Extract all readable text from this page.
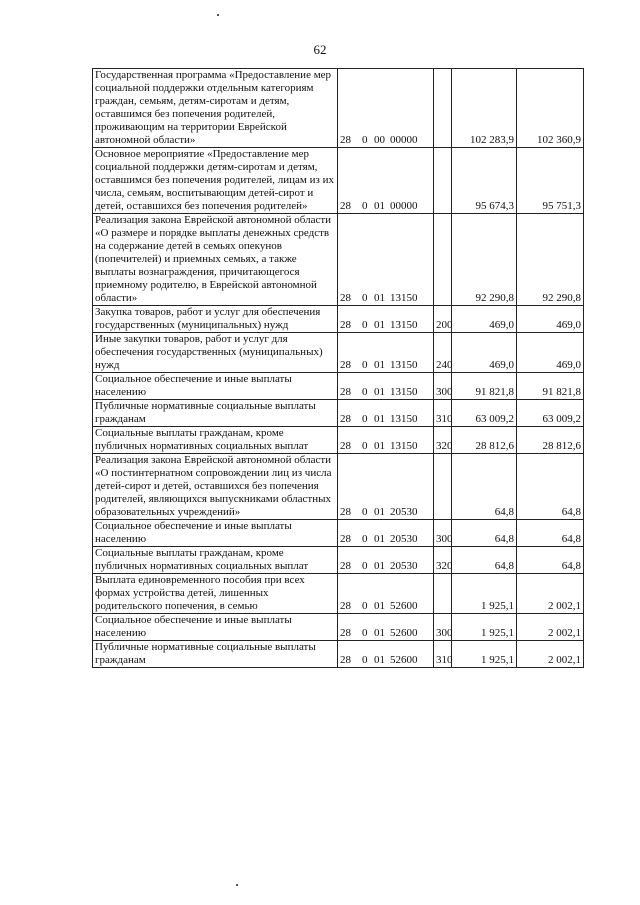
62
Государственная программа «Предоставление мер социальной поддержки отдельным категориям граждан, семьям, детям-сиротам и детям, оставшимся без попечения родителей, проживающим на территории Еврейской автономной области»	28 0 00 00000		102 283,9	102 360,9
Основное мероприятие «Предоставление мер социальной поддержки детям-сиротам и детям, оставшимся без попечения родителей, лицам из их числа, семьям, воспитывающим детей-сирот и детей, оставшихся без попечения родителей»	28 0 01 00000		95 674,3	95 751,3
Реализация закона Еврейской автономной области «О размере и порядке выплаты денежных средств на содержание детей в семьях опекунов (попечителей) и приемных семьях, а также выплаты вознаграждения, причитающегося приемному родителю, в Еврейской автономной области»	28 0 01 13150		92 290,8	92 290,8
Закупка товаров, работ и услуг для обеспечения государственных (муниципальных) нужд	28 0 01 13150	200	469,0	469,0
Иные закупки товаров, работ и услуг для обеспечения государственных (муниципальных) нужд	28 0 01 13150	240	469,0	469,0
Социальное обеспечение и иные выплаты населению	28 0 01 13150	300	91 821,8	91 821,8
Публичные нормативные социальные выплаты гражданам	28 0 01 13150	310	63 009,2	63 009,2
Социальные выплаты гражданам, кроме публичных нормативных социальных выплат	28 0 01 13150	320	28 812,6	28 812,6
Реализация закона Еврейской автономной области «О постинтернатном сопровождении лиц из числа детей-сирот и детей, оставшихся без попечения родителей, являющихся выпускниками областных образовательных учреждений»	28 0 01 20530		64,8	64,8
Социальное обеспечение и иные выплаты населению	28 0 01 20530	300	64,8	64,8
Социальные выплаты гражданам, кроме публичных нормативных социальных выплат	28 0 01 20530	320	64,8	64,8
Выплата единовременного пособия при всех формах устройства детей, лишенных родительского попечения, в семью	28 0 01 52600		1 925,1	2 002,1
Социальное обеспечение и иные выплаты населению	28 0 01 52600	300	1 925,1	2 002,1
Публичные нормативные социальные выплаты гражданам	28 0 01 52600	310	1 925,1	2 002,1
